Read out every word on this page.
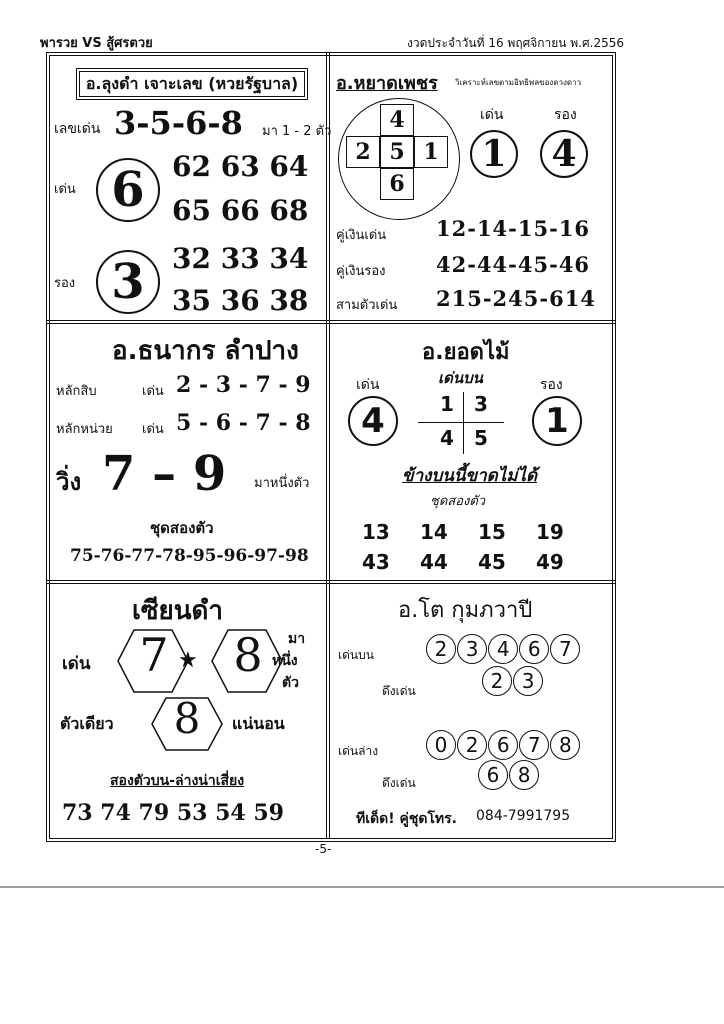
พารวย VS สู้ศรตวย	งวดประจำวันที่ 16 พฤศจิกายน พ.ศ.2556
อ.ลุงดำ เจาะเลข (หวยรัฐบาล)
เลขเด่น 3-5-6-8 มา 1 - 2 ตัว
เด่น 6 62 63 64
65 66 68
รอง 3 32 33 34
35 36 38
อ.หยาดเพชร วิเคราะห์เลขตามอิทธิพลของดวงดาว
4
2 5 1
6
เด่น	รอง
1	4
คู่เงินเด่น 12-14-15-16
คู่เงินรอง 42-44-45-46
สามตัวเด่น 215-245-614
อ.ธนากร ลำปาง
หลักสิบ	เด่น 2 - 3 - 7 - 9
หลักหน่วย เด่น 5 - 6 - 7 - 8
วิ่ง 7 – 9 มาหนึ่งตัว
ชุดสองตัว
75-76-77-78-95-96-97-98
อ.ยอดไม้
เด่น	รอง
เด่นบน
1	3
4	5
4	1
ข้างบนนี้ขาดไม่ได้
ชุดสองตัว
13 14 15 19
43 44 45 49
เซียนดำ
เด่น	7 ★ 8	มา
หนึ่ง
ตัว
ตัวเดียว	8	แน่นอน
สองตัวบน-ล่างน่าเสี่ยง
73 74 79 53 54 59
อ.โต กุมภวาปี
เด่นบน	2 3 4 6 7
ดึงเด่น	2 3
เด่นล่าง	0 2 6 7 8
ดึงเด่น	6 8
ทีเด็ด! คู่ชุดโทร. 084-7991795
-5-
